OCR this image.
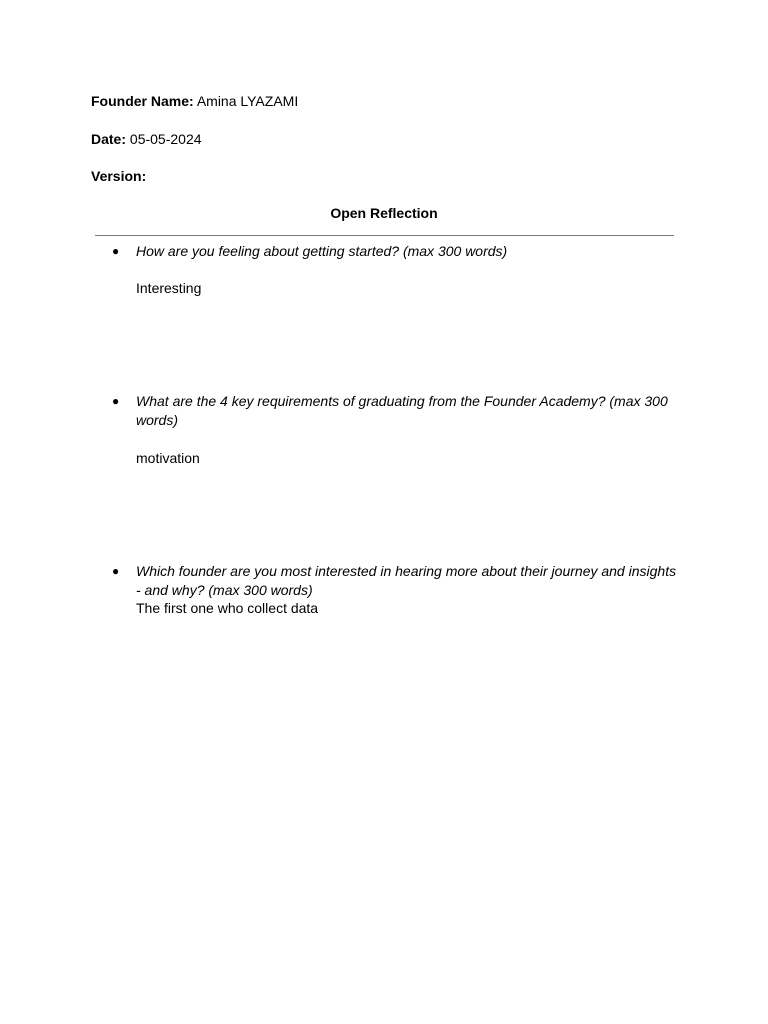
Founder Name: Amina LYAZAMI
Date: 05-05-2024
Version:
Open Reflection
●	How are you feeling about getting started? (max 300 words)
Interesting
●	What are the 4 key requirements of graduating from the Founder Academy? (max 300 words)
motivation
●	Which founder are you most interested in hearing more about their journey and insights - and why? (max 300 words)
The first one who collect data
